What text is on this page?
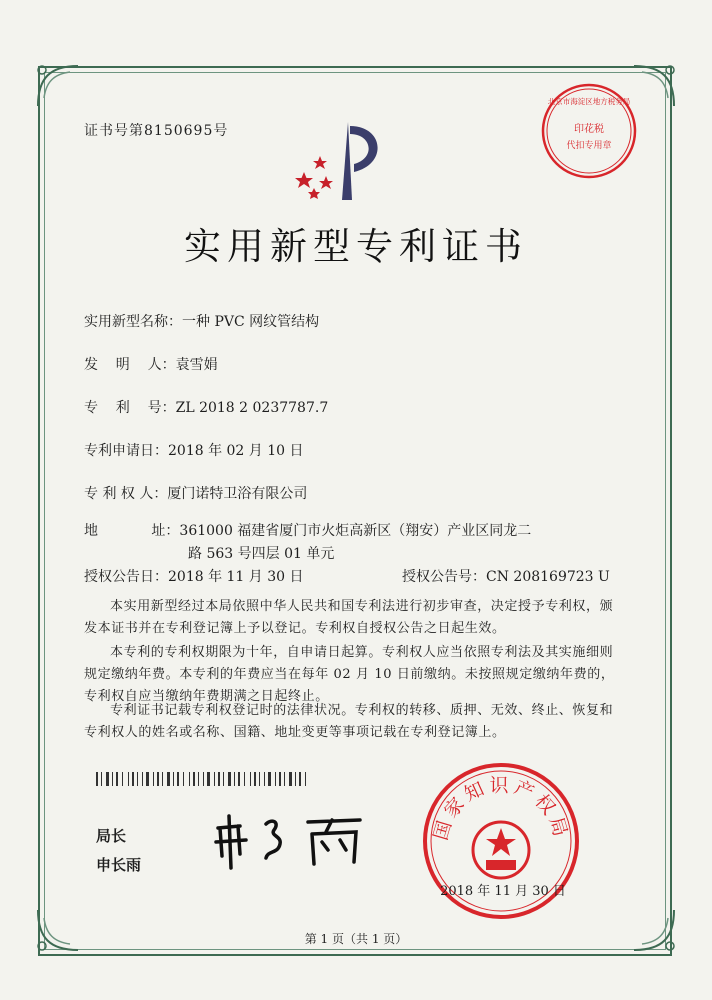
证书号第8150695号
北京市海淀区地方税务局
印花税
代扣专用章
实用新型专利证书
实用新型名称：一种 PVC 网纹管结构
发    明    人：袁雪娟
专    利    号：ZL 2018 2 0237787.7
专利申请日：2018 年 02 月 10 日
专 利 权 人：厦门诺特卫浴有限公司
地            址：361000 福建省厦门市火炬高新区（翔安）产业区同龙二
路 563 号四层 01 单元
授权公告日：2018 年 11 月 30 日	授权公告号：CN 208169723 U
本实用新型经过本局依照中华人民共和国专利法进行初步审查，决定授予专利权，颁发本证书并在专利登记簿上予以登记。专利权自授权公告之日起生效。
本专利的专利权期限为十年，自申请日起算。专利权人应当依照专利法及其实施细则规定缴纳年费。本专利的年费应当在每年 02 月 10 日前缴纳。未按照规定缴纳年费的，专利权自应当缴纳年费期满之日起终止。
专利证书记载专利权登记时的法律状况。专利权的转移、质押、无效、终止、恢复和专利权人的姓名或名称、国籍、地址变更等事项记载在专利登记簿上。
局长
申长雨
国家知识产权局
2018 年 11 月 30 日
第 1 页（共 1 页）
